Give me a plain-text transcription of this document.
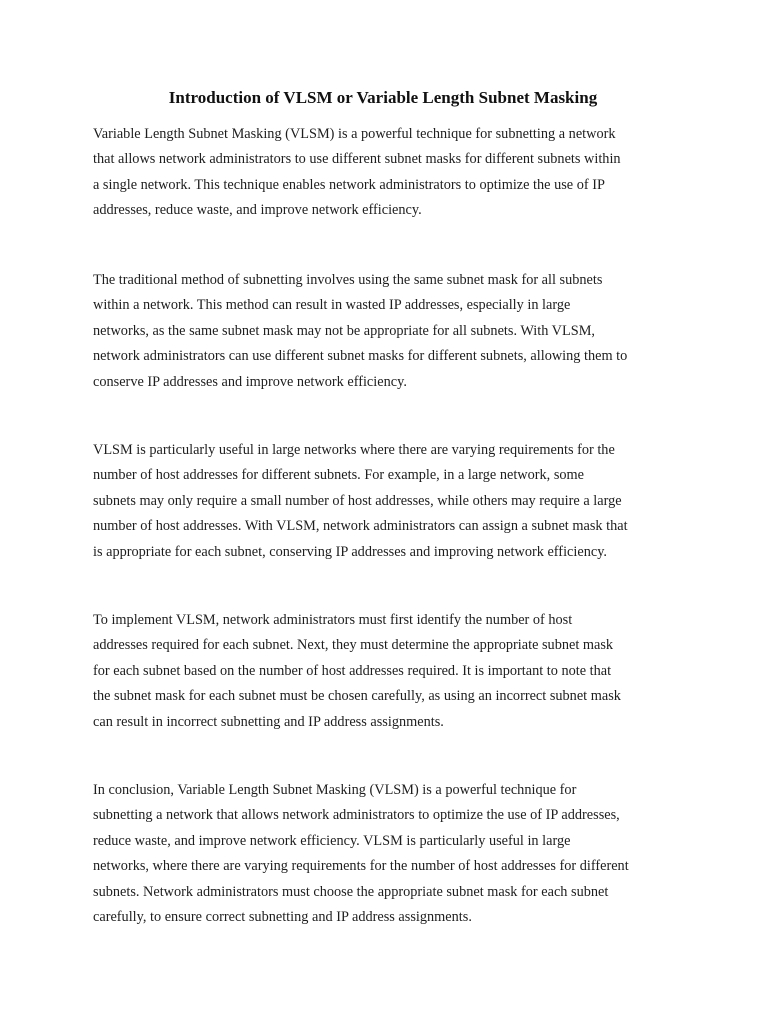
Introduction of VLSM or Variable Length Subnet Masking
Variable Length Subnet Masking (VLSM) is a powerful technique for subnetting a network
that allows network administrators to use different subnet masks for different subnets within
a single network. This technique enables network administrators to optimize the use of IP
addresses, reduce waste, and improve network efficiency.
The traditional method of subnetting involves using the same subnet mask for all subnets
within a network. This method can result in wasted IP addresses, especially in large
networks, as the same subnet mask may not be appropriate for all subnets. With VLSM,
network administrators can use different subnet masks for different subnets, allowing them to
conserve IP addresses and improve network efficiency.
VLSM is particularly useful in large networks where there are varying requirements for the
number of host addresses for different subnets. For example, in a large network, some
subnets may only require a small number of host addresses, while others may require a large
number of host addresses. With VLSM, network administrators can assign a subnet mask that
is appropriate for each subnet, conserving IP addresses and improving network efficiency.
To implement VLSM, network administrators must first identify the number of host
addresses required for each subnet. Next, they must determine the appropriate subnet mask
for each subnet based on the number of host addresses required. It is important to note that
the subnet mask for each subnet must be chosen carefully, as using an incorrect subnet mask
can result in incorrect subnetting and IP address assignments.
In conclusion, Variable Length Subnet Masking (VLSM) is a powerful technique for
subnetting a network that allows network administrators to optimize the use of IP addresses,
reduce waste, and improve network efficiency. VLSM is particularly useful in large
networks, where there are varying requirements for the number of host addresses for different
subnets. Network administrators must choose the appropriate subnet mask for each subnet
carefully, to ensure correct subnetting and IP address assignments.
